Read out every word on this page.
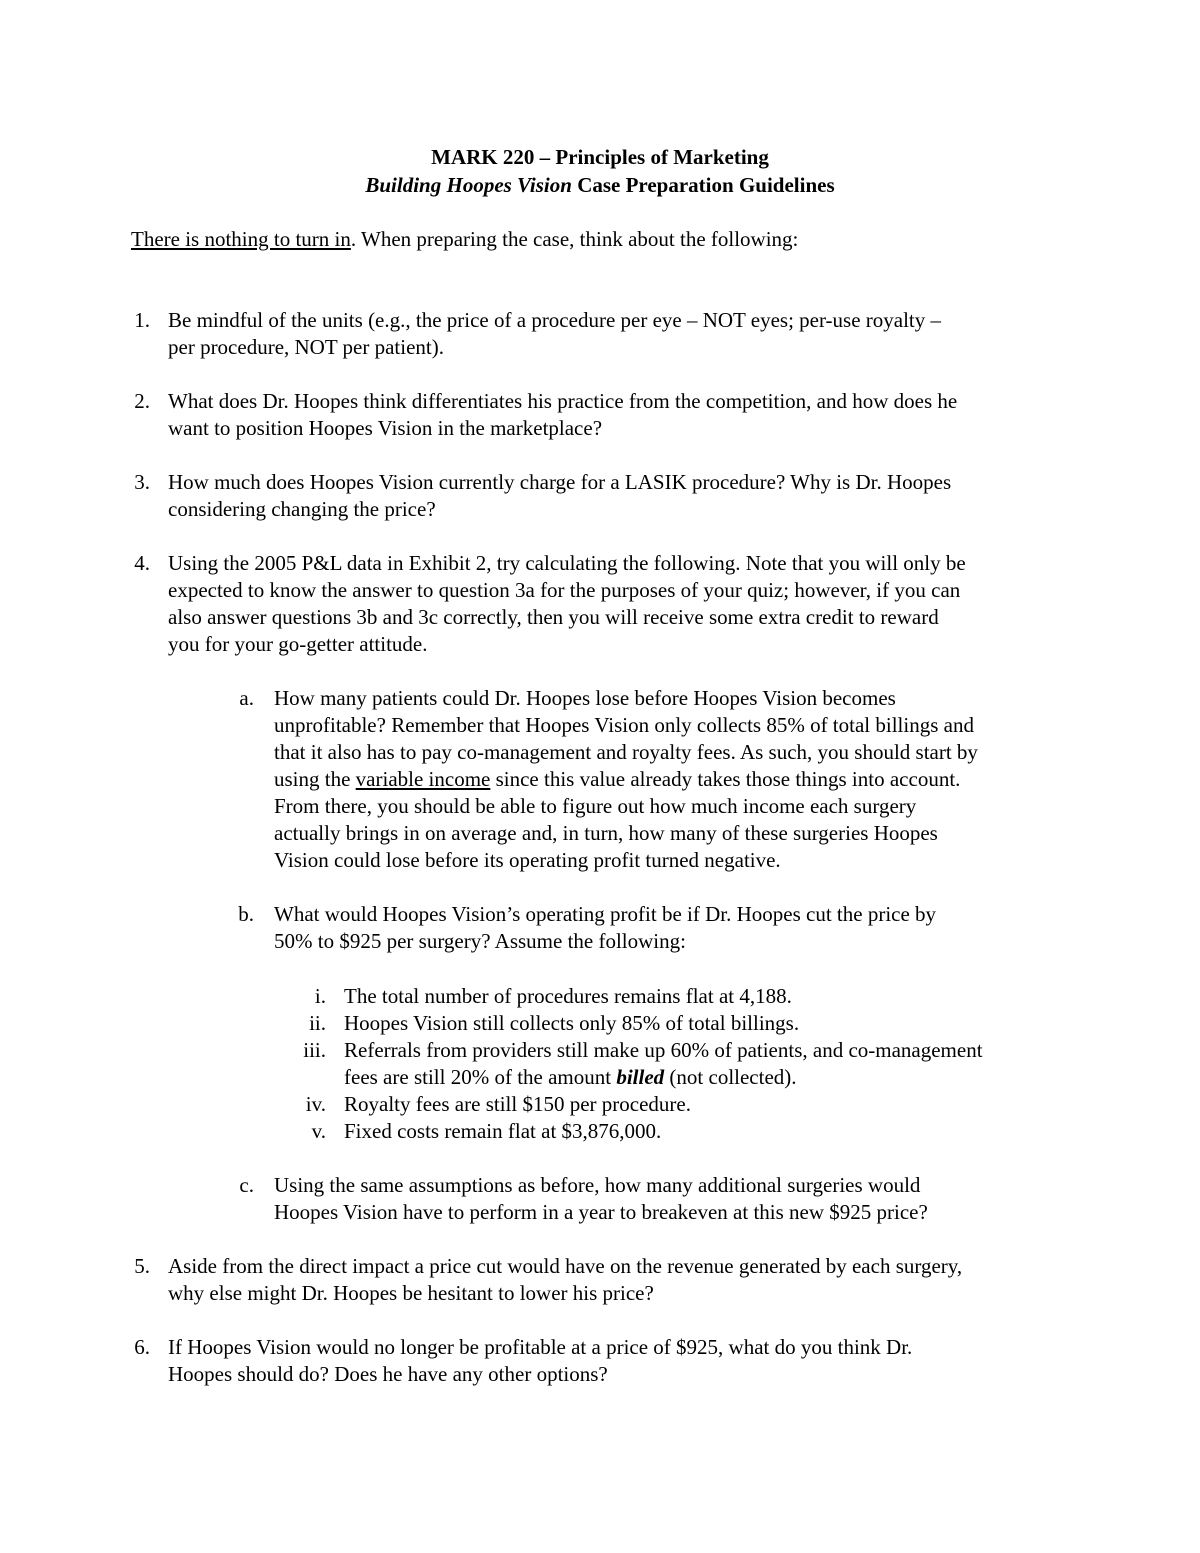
MARK 220 – Principles of Marketing
Building Hoopes Vision Case Preparation Guidelines
There is nothing to turn in. When preparing the case, think about the following:
1. Be mindful of the units (e.g., the price of a procedure per eye – NOT eyes; per-use royalty –
per procedure, NOT per patient).
2. What does Dr. Hoopes think differentiates his practice from the competition, and how does he
want to position Hoopes Vision in the marketplace?
3. How much does Hoopes Vision currently charge for a LASIK procedure? Why is Dr. Hoopes
considering changing the price?
4. Using the 2005 P&L data in Exhibit 2, try calculating the following. Note that you will only be
expected to know the answer to question 3a for the purposes of your quiz; however, if you can
also answer questions 3b and 3c correctly, then you will receive some extra credit to reward
you for your go-getter attitude.
a. How many patients could Dr. Hoopes lose before Hoopes Vision becomes
unprofitable? Remember that Hoopes Vision only collects 85% of total billings and
that it also has to pay co-management and royalty fees. As such, you should start by
using the variable income since this value already takes those things into account.
From there, you should be able to figure out how much income each surgery
actually brings in on average and, in turn, how many of these surgeries Hoopes
Vision could lose before its operating profit turned negative.
b. What would Hoopes Vision’s operating profit be if Dr. Hoopes cut the price by
50% to $925 per surgery? Assume the following:
i. The total number of procedures remains flat at 4,188.
ii. Hoopes Vision still collects only 85% of total billings.
iii. Referrals from providers still make up 60% of patients, and co-management
fees are still 20% of the amount billed (not collected).
iv. Royalty fees are still $150 per procedure.
v. Fixed costs remain flat at $3,876,000.
c. Using the same assumptions as before, how many additional surgeries would
Hoopes Vision have to perform in a year to breakeven at this new $925 price?
5. Aside from the direct impact a price cut would have on the revenue generated by each surgery,
why else might Dr. Hoopes be hesitant to lower his price?
6. If Hoopes Vision would no longer be profitable at a price of $925, what do you think Dr.
Hoopes should do? Does he have any other options?
